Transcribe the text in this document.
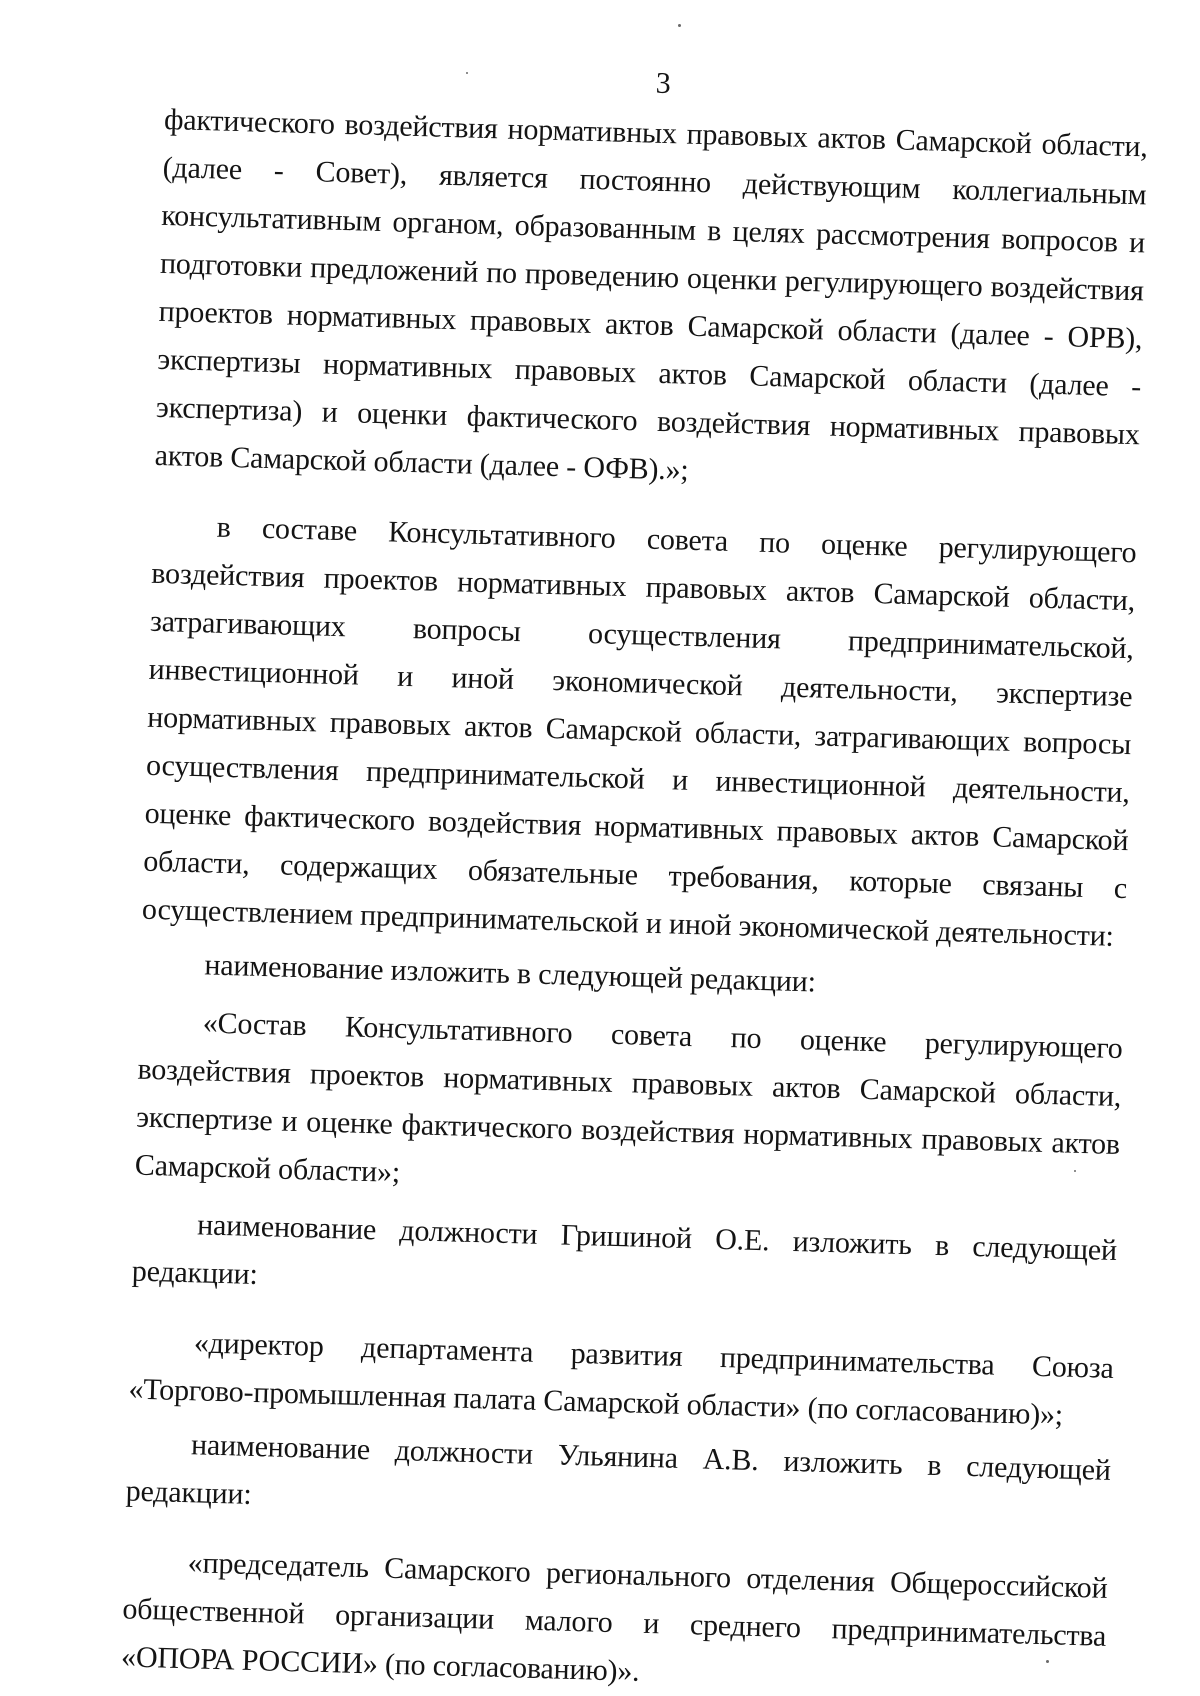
3

фактического воздействия нормативных правовых актов Самарской области, (далее - Совет), является постоянно действующим коллегиальным консультативным органом, образованным в целях рассмотрения вопросов и подготовки предложений по проведению оценки регулирующего воздействия проектов нормативных правовых актов Самарской области (далее - ОРВ), экспертизы нормативных правовых актов Самарской области (далее - экспертиза) и оценки фактического воздействия нормативных правовых актов Самарской области (далее - ОФВ).»;

в составе Консультативного совета по оценке регулирующего воздействия проектов нормативных правовых актов Самарской области, затрагивающих вопросы осуществления предпринимательской, инвестиционной и иной экономической деятельности, экспертизе нормативных правовых актов Самарской области, затрагивающих вопросы осуществления предпринимательской и инвестиционной деятельности, оценке фактического воздействия нормативных правовых актов Самарской области, содержащих обязательные требования, которые связаны с осуществлением предпринимательской и иной экономической деятельности:

наименование изложить в следующей редакции:

«Состав Консультативного совета по оценке регулирующего воздействия проектов нормативных правовых актов Самарской области, экспертизе и оценке фактического воздействия нормативных правовых актов Самарской области»;

наименование должности Гришиной О.Е. изложить в следующей редакции:

«директор департамента развития предпринимательства Союза «Торгово-промышленная палата Самарской области» (по согласованию)»;

наименование должности Ульянина А.В. изложить в следующей редакции:

«председатель Самарского регионального отделения Общероссийской общественной организации малого и среднего предпринимательства «ОПОРА РОССИИ» (по согласованию)».
